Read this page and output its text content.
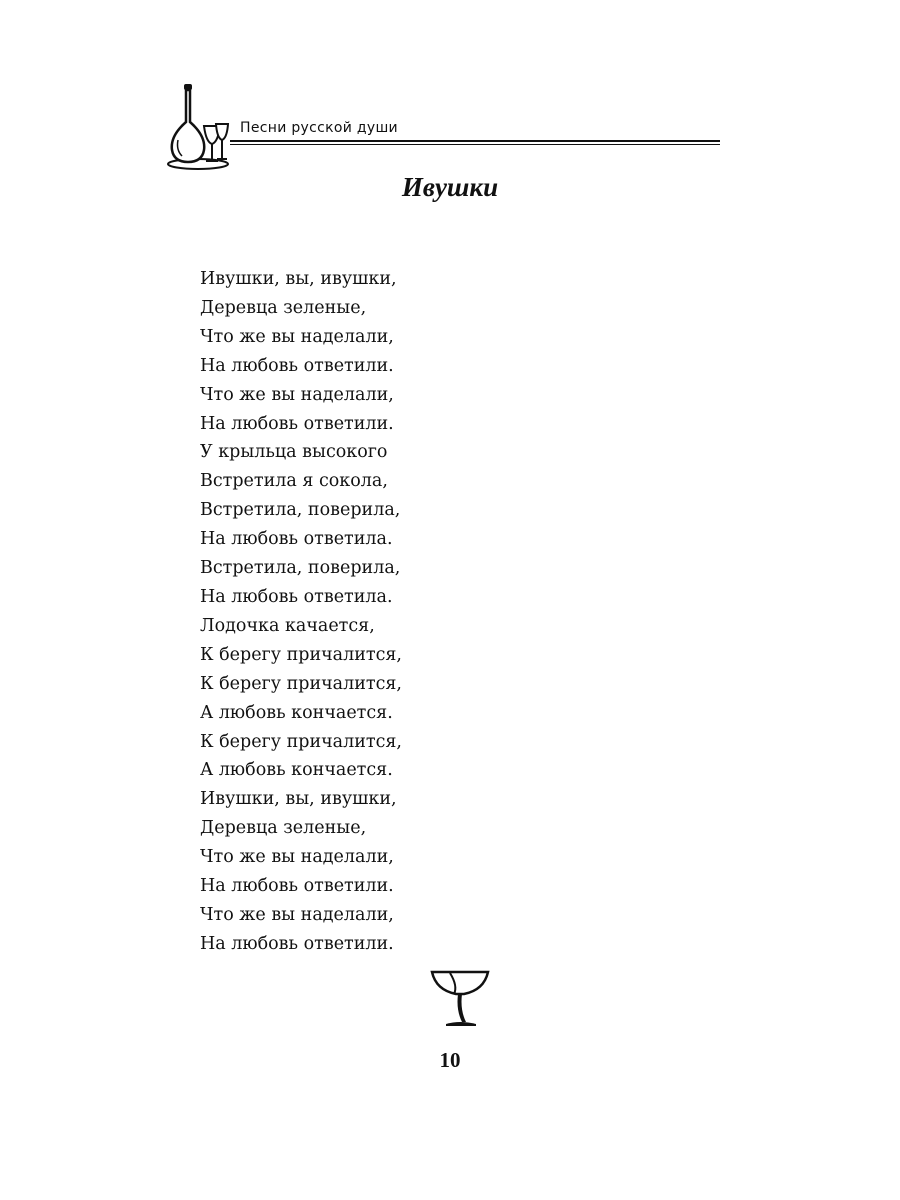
Песни русской души
Ивушки
Ивушки, вы, ивушки,
Деревца зеленые,
Что же вы наделали,
На любовь ответили.
Что же вы наделали,
На любовь ответили.
У крыльца высокого
Встретила я сокола,
Встретила, поверила,
На любовь ответила.
Встретила, поверила,
На любовь ответила.
Лодочка качается,
К берегу причалится,
К берегу причалится,
А любовь кончается.
К берегу причалится,
А любовь кончается.
Ивушки, вы, ивушки,
Деревца зеленые,
Что же вы наделали,
На любовь ответили.
Что же вы наделали,
На любовь ответили.
10
